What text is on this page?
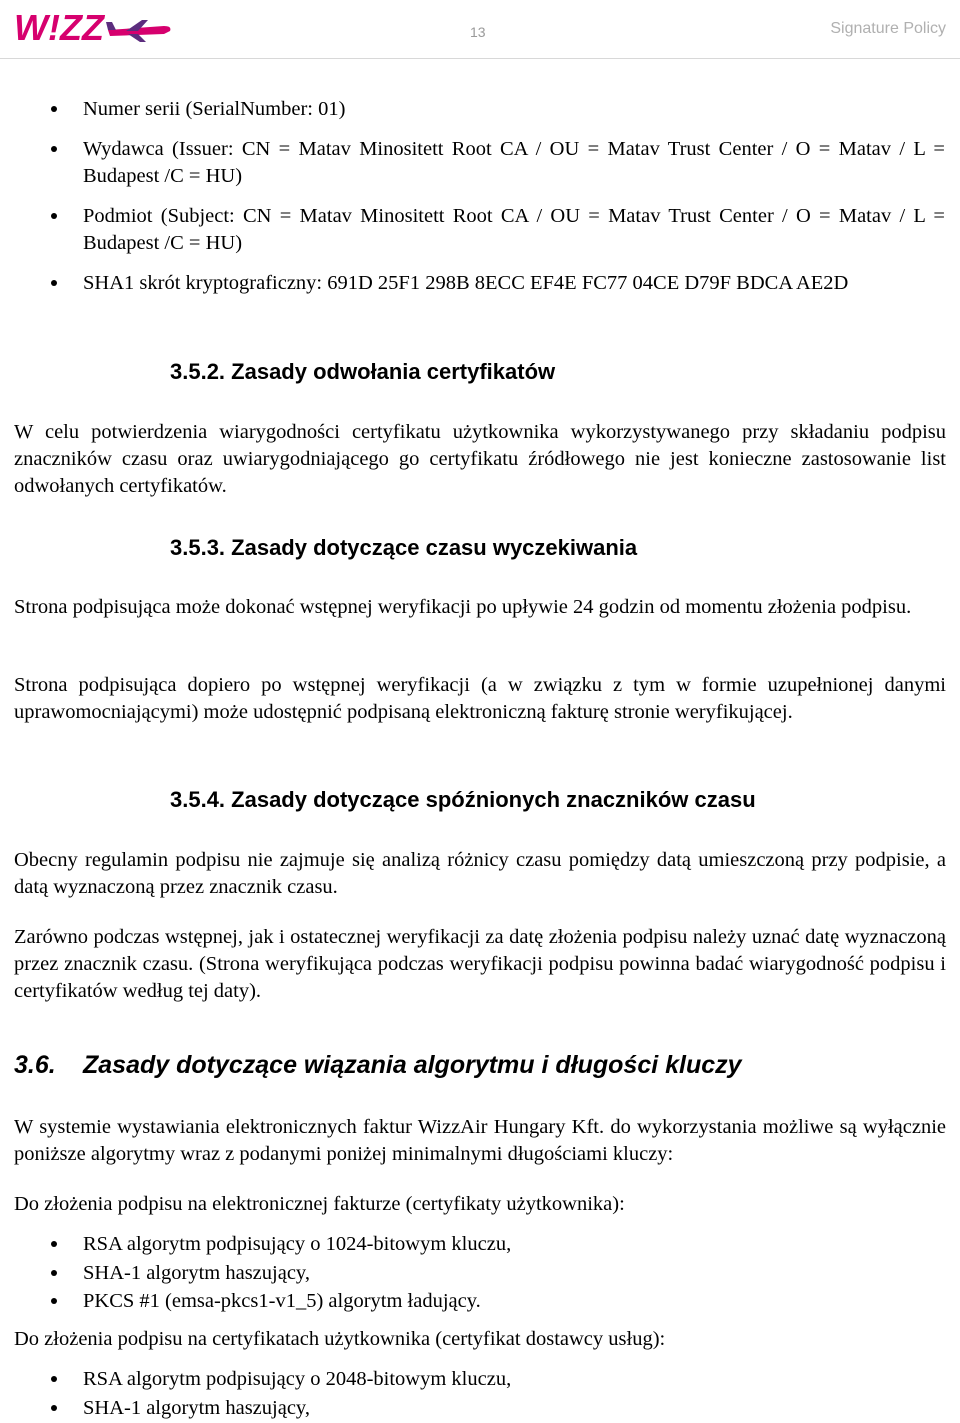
W!ZZ	13	Signature Policy
Numer serii (SerialNumber: 01)
Wydawca (Issuer: CN = Matav Minositett Root CA / OU = Matav Trust Center / O = Matav / L = Budapest /C = HU)
Podmiot (Subject: CN = Matav Minositett Root CA / OU = Matav Trust Center / O = Matav / L = Budapest /C = HU)
SHA1 skrót kryptograficzny: 691D 25F1 298B 8ECC EF4E FC77 04CE D79F BDCA AE2D
3.5.2. Zasady odwołania certyfikatów
W celu potwierdzenia wiarygodności certyfikatu użytkownika wykorzystywanego przy składaniu podpisu znaczników czasu oraz uwiarygodniającego go certyfikatu źródłowego nie jest konieczne zastosowanie list odwołanych certyfikatów.
3.5.3. Zasady dotyczące czasu wyczekiwania
Strona podpisująca może dokonać wstępnej weryfikacji po upływie 24 godzin od momentu złożenia podpisu.
Strona podpisująca dopiero po wstępnej weryfikacji (a w związku z tym w formie uzupełnionej danymi uprawomocniającymi) może udostępnić podpisaną elektroniczną fakturę stronie weryfikującej.
3.5.4. Zasady dotyczące spóźnionych znaczników czasu
Obecny regulamin podpisu nie zajmuje się analizą różnicy czasu pomiędzy datą umieszczoną przy podpisie, a datą wyznaczoną przez znacznik czasu.
Zarówno podczas wstępnej, jak i ostatecznej weryfikacji za datę złożenia podpisu należy uznać datę wyznaczoną przez znacznik czasu. (Strona weryfikująca podczas weryfikacji podpisu powinna badać wiarygodność podpisu i certyfikatów według tej daty).
3.6. Zasady dotyczące wiązania algorytmu i długości kluczy
W systemie wystawiania elektronicznych faktur WizzAir Hungary Kft. do wykorzystania możliwe są wyłącznie poniższe algorytmy wraz z podanymi poniżej minimalnymi długościami kluczy:
Do złożenia podpisu na elektronicznej fakturze (certyfikaty użytkownika):
RSA algorytm podpisujący o 1024-bitowym kluczu,
SHA-1 algorytm haszujący,
PKCS #1 (emsa-pkcs1-v1_5) algorytm ładujący.
Do złożenia podpisu na certyfikatach użytkownika (certyfikat dostawcy usług):
RSA algorytm podpisujący o 2048-bitowym kluczu,
SHA-1 algorytm haszujący,
